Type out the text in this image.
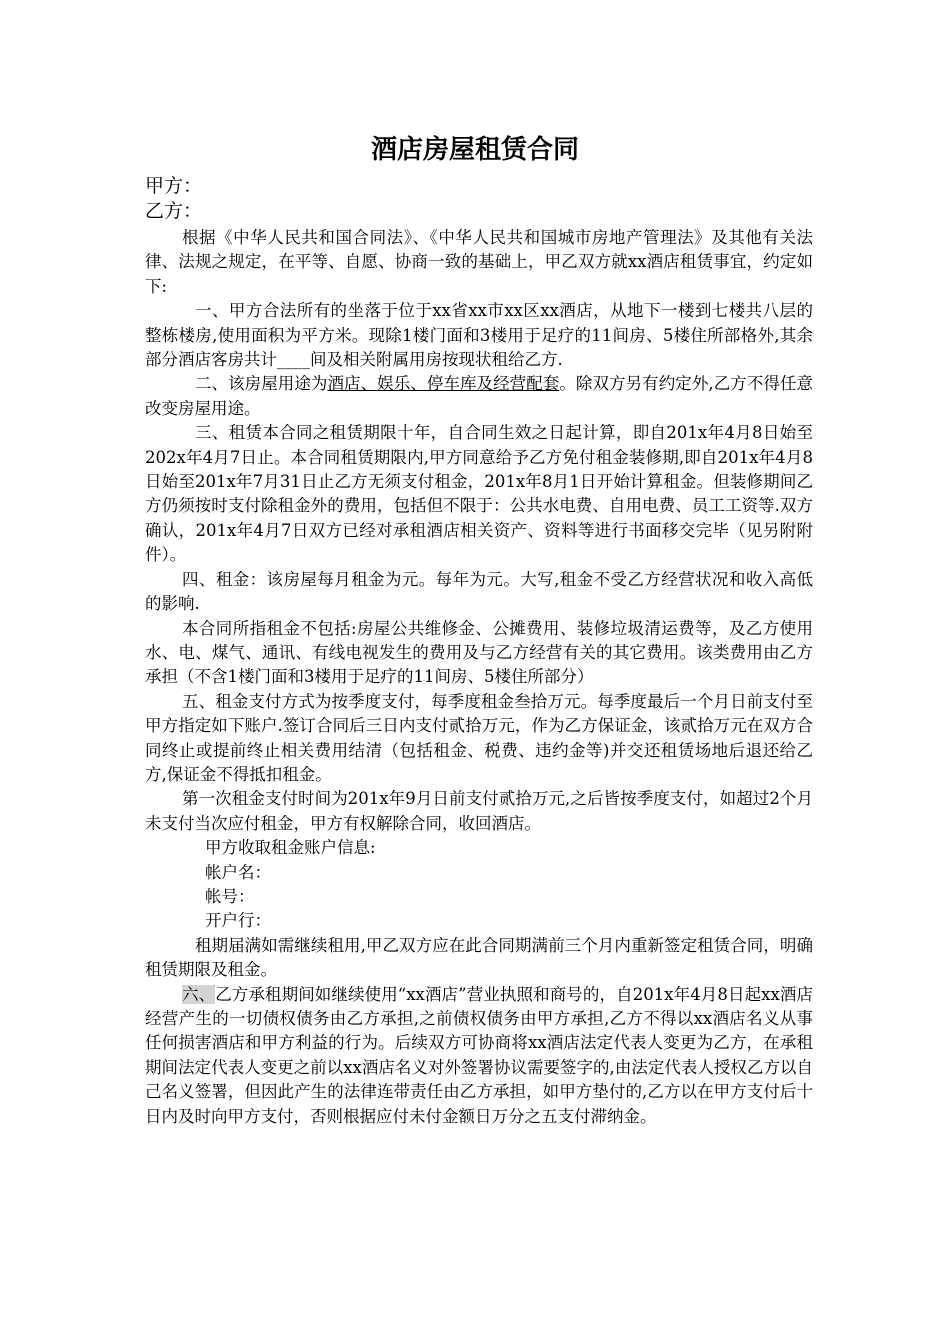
酒店房屋租赁合同
甲方：
乙方：

根据《中华人民共和国合同法》、《中华人民共和国城市房地产管理法》及其他有关法律、法规之规定，在平等、自愿、协商一致的基础上，甲乙双方就xx酒店租赁事宜，约定如下:

一、甲方合法所有的坐落于位于xx省xx市xx区xx酒店，从地下一楼到七楼共八层的整栋楼房,使用面积为平方米。现除1楼门面和3楼用于足疗的11间房、5楼住所部格外,其余部分酒店客房共计____间及相关附属用房按现状租给乙方.

二、该房屋用途为酒店、娱乐、停车库及经营配套。除双方另有约定外,乙方不得任意改变房屋用途。

三、租赁本合同之租赁期限十年，自合同生效之日起计算，即自201x年4月8日始至202x年4月7日止。本合同租赁期限内,甲方同意给予乙方免付租金装修期,即自201x年4月8日始至201x年7月31日止乙方无须支付租金，201x年8月1日开始计算租金。但装修期间乙方仍须按时支付除租金外的费用，包括但不限于：公共水电费、自用电费、员工工资等.双方确认，201x年4月7日双方已经对承租酒店相关资产、资料等进行书面移交完毕（见另附附件）。

四、租金：该房屋每月租金为元。每年为元。大写,租金不受乙方经营状况和收入高低的影响.

本合同所指租金不包括:房屋公共维修金、公摊费用、装修垃圾清运费等，及乙方使用水、电、煤气、通讯、有线电视发生的费用及与乙方经营有关的其它费用。该类费用由乙方承担（不含1楼门面和3楼用于足疗的11间房、5楼住所部分）

五、租金支付方式为按季度支付，每季度租金叁拾万元。每季度最后一个月日前支付至甲方指定如下账户.签订合同后三日内支付贰拾万元，作为乙方保证金，该贰拾万元在双方合同终止或提前终止相关费用结清（包括租金、税费、违约金等)并交还租赁场地后退还给乙方,保证金不得抵扣租金。

第一次租金支付时间为201x年9月日前支付贰拾万元,之后皆按季度支付，如超过2个月未支付当次应付租金，甲方有权解除合同，收回酒店。

甲方收取租金账户信息:

帐户名：

帐号：

开户行：

租期届满如需继续租用,甲乙双方应在此合同期满前三个月内重新签定租赁合同，明确租赁期限及租金。

六、乙方承租期间如继续使用“xx酒店”营业执照和商号的，自201x年4月8日起xx酒店经营产生的一切债权债务由乙方承担,之前债权债务由甲方承担,乙方不得以xx酒店名义从事任何损害酒店和甲方利益的行为。后续双方可协商将xx酒店法定代表人变更为乙方，在承租期间法定代表人变更之前以xx酒店名义对外签署协议需要签字的,由法定代表人授权乙方以自己名义签署，但因此产生的法律连带责任由乙方承担，如甲方垫付的,乙方以在甲方支付后十日内及时向甲方支付，否则根据应付未付金额日万分之五支付滞纳金。
